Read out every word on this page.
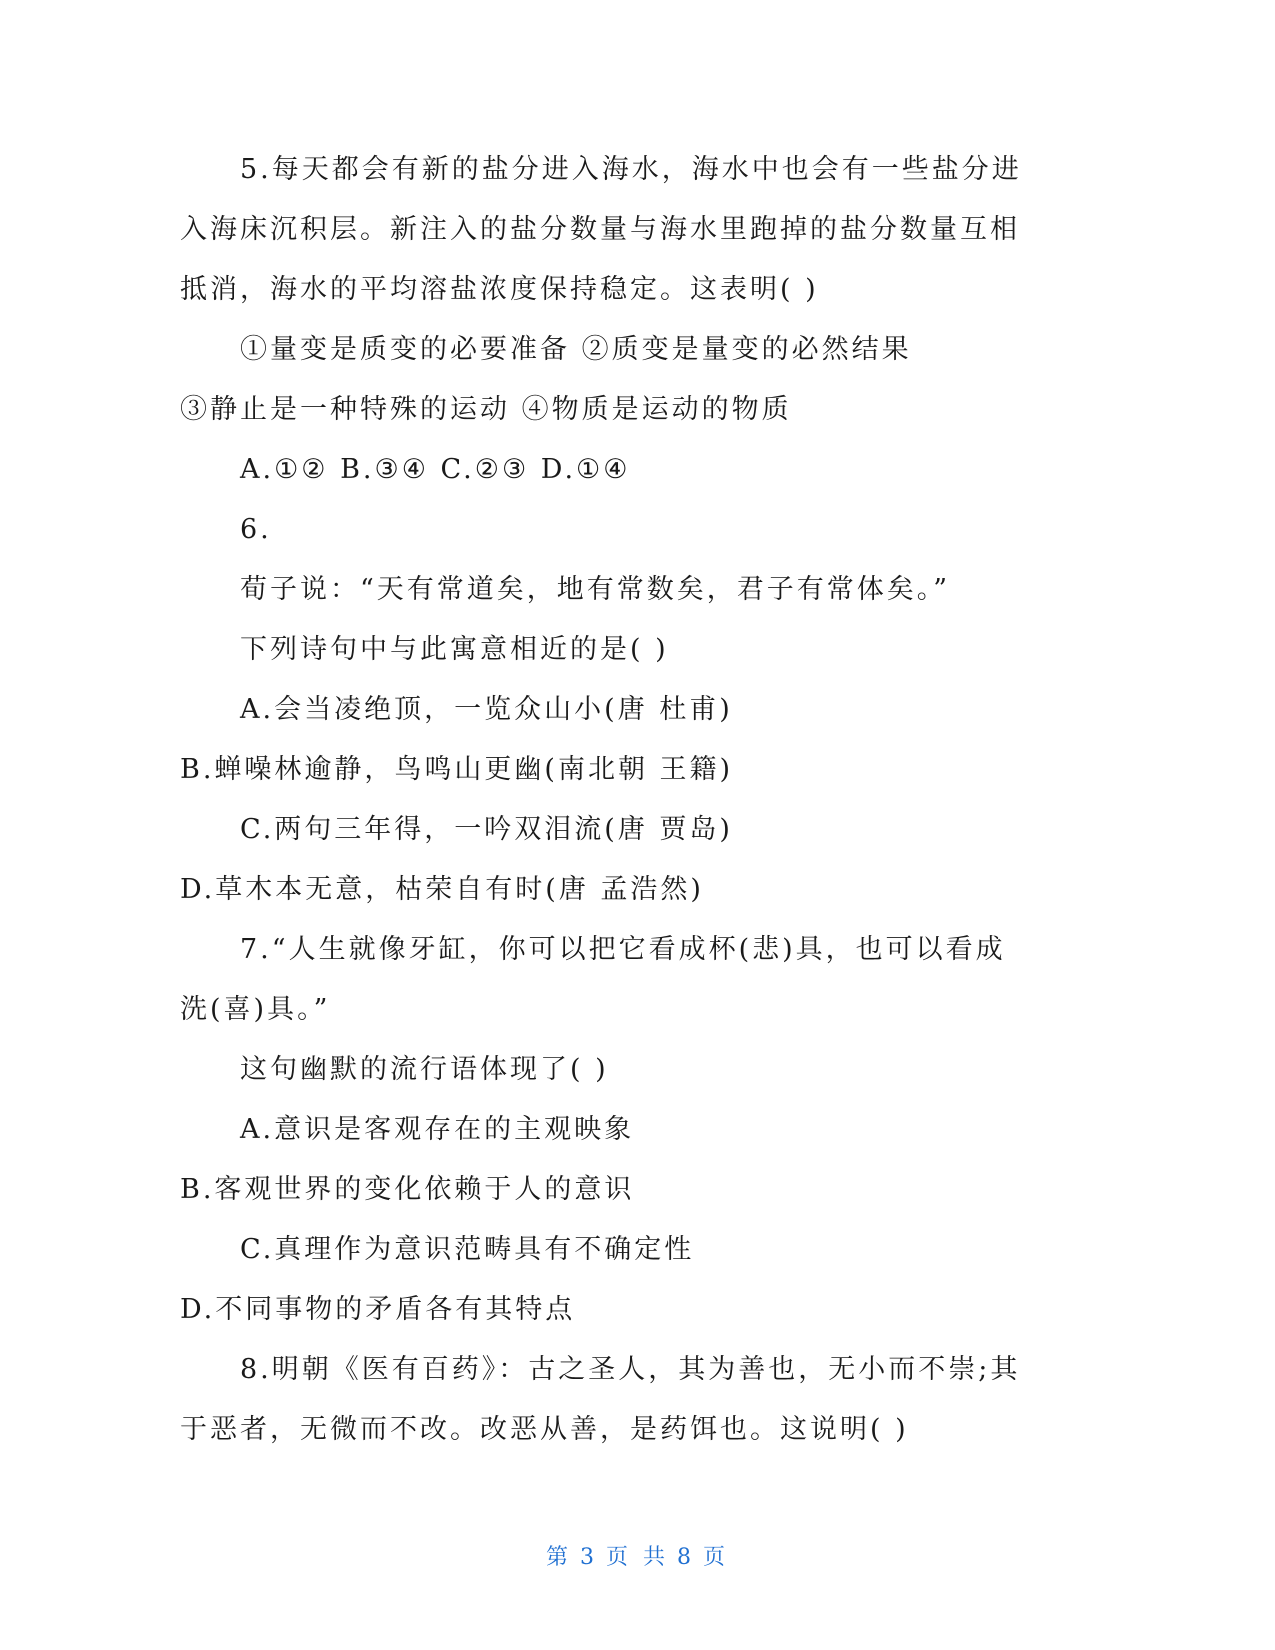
5.每天都会有新的盐分进入海水，海水中也会有一些盐分进
入海床沉积层。新注入的盐分数量与海水里跑掉的盐分数量互相
抵消，海水的平均溶盐浓度保持稳定。这表明( )
①量变是质变的必要准备 ②质变是量变的必然结果
③静止是一种特殊的运动 ④物质是运动的物质
A.①② B.③④ C.②③ D.①④
6.
荀子说：“天有常道矣，地有常数矣，君子有常体矣。”
下列诗句中与此寓意相近的是( )
A.会当凌绝顶，一览众山小(唐 杜甫)
B.蝉噪林逾静，鸟鸣山更幽(南北朝 王籍)
C.两句三年得，一吟双泪流(唐 贾岛)
D.草木本无意，枯荣自有时(唐 孟浩然)
7.“人生就像牙缸，你可以把它看成杯(悲)具，也可以看成
洗(喜)具。”
这句幽默的流行语体现了( )
A.意识是客观存在的主观映象
B.客观世界的变化依赖于人的意识
C.真理作为意识范畴具有不确定性
D.不同事物的矛盾各有其特点
8.明朝《医有百药》：古之圣人，其为善也，无小而不崇;其
于恶者，无微而不改。改恶从善，是药饵也。这说明( )
第 3 页 共 8 页
